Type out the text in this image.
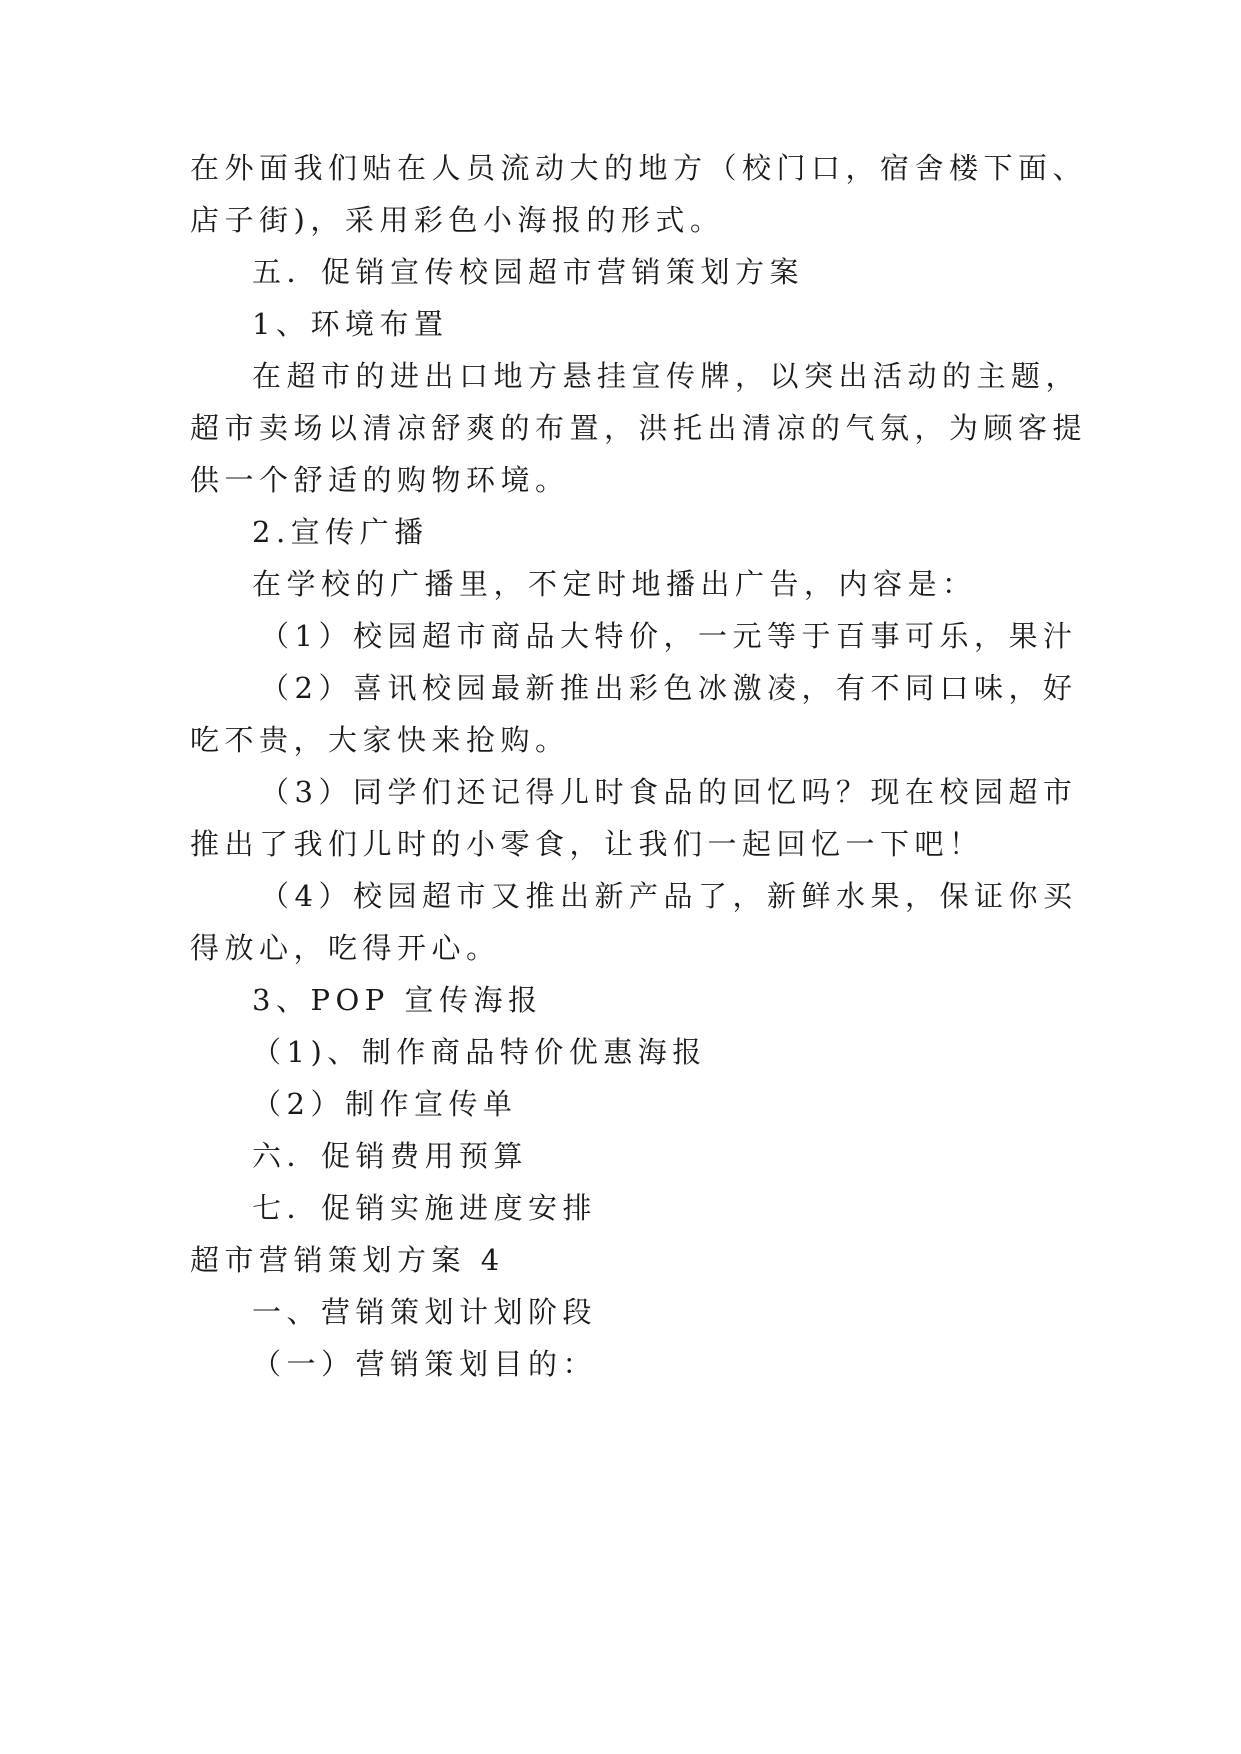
在外面我们贴在人员流动大的地方（校门口，宿舍楼下面、

店子街)，采用彩色小海报的形式。

五．促销宣传校园超市营销策划方案

1、环境布置

在超市的进出口地方悬挂宣传牌，以突出活动的主题，

超市卖场以清凉舒爽的布置，洪托出清凉的气氛，为顾客提

供一个舒适的购物环境。

2.宣传广播

在学校的广播里，不定时地播出广告，内容是：

（1）校园超市商品大特价，一元等于百事可乐，果汁

（2）喜讯校园最新推出彩色冰激凌，有不同口味，好

吃不贵，大家快来抢购。

（3）同学们还记得儿时食品的回忆吗？现在校园超市

推出了我们儿时的小零食，让我们一起回忆一下吧！

（4）校园超市又推出新产品了，新鲜水果，保证你买

得放心，吃得开心。

3、POP 宣传海报

（1)、制作商品特价优惠海报

（2）制作宣传单

六．促销费用预算

七．促销实施进度安排

超市营销策划方案 4

一、营销策划计划阶段

（一）营销策划目的：
